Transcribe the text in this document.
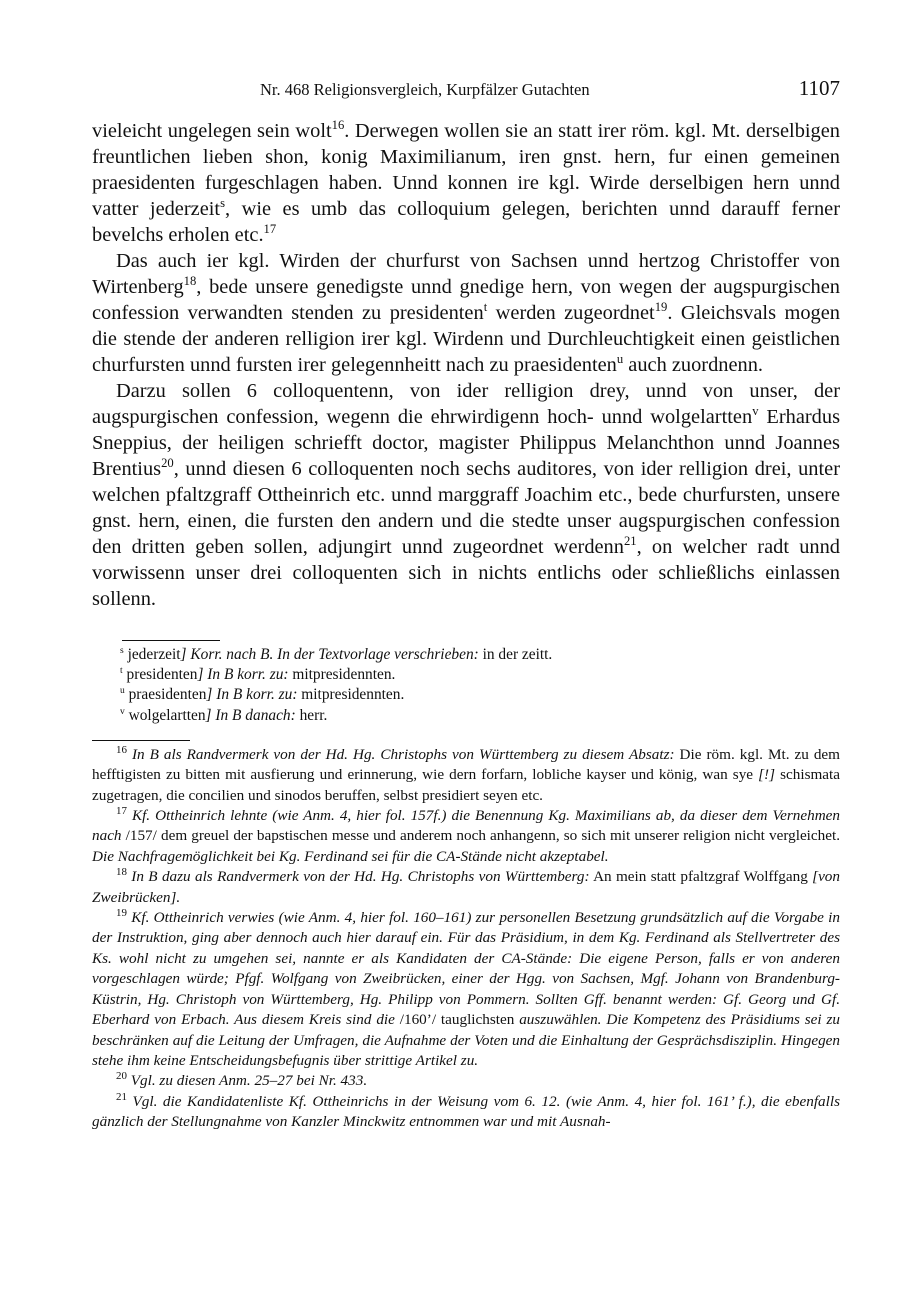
Nr. 468 Religionsvergleich, Kurpfälzer Gutachten	1107

vieleicht ungelegen sein wolt$^{16}$. Derwegen wollen sie an statt irer röm. kgl. Mt. derselbigen freuntlichen lieben shon, konig Maximilianum, iren gnst. hern, fur einen gemeinen praesidenten furgeschlagen haben. Unnd konnen ire kgl. Wirde derselbigen hern unnd vatter jederzeit$^s$, wie es umb das colloquium gelegen, berichten unnd darauff ferner bevelchs erholen etc.$^{17}$

Das auch ier kgl. Wirden der churfurst von Sachsen unnd hertzog Christoffer von Wirtenberg$^{18}$, bede unsere genedigste unnd gnedige hern, von wegen der augspurgischen confession verwandten stenden zu presidenten$^t$ werden zugeordnet$^{19}$. Gleichsvals mogen die stende der anderen relligion irer kgl. Wirdenn und Durchleuchtigkeit einen geistlichen churfursten unnd fursten irer gelegennheitt nach zu praesidenten$^u$ auch zuordnenn.

Darzu sollen 6 colloquentenn, von ider relligion drey, unnd von unser, der augspurgischen confession, wegenn die ehrwirdigenn hoch- unnd wolgelartten$^v$ Erhardus Sneppius, der heiligen schriefft doctor, magister Philippus Melanchthon unnd Joannes Brentius$^{20}$, unnd diesen 6 colloquenten noch sechs auditores, von ider relligion drei, unter welchen pfaltzgraff Ottheinrich etc. unnd marggraff Joachim etc., bede churfursten, unsere gnst. hern, einen, die fursten den andern und die stedte unser augspurgischen confession den dritten geben sollen, adjungirt unnd zugeordnet werdenn$^{21}$, on welcher radt unnd vorwissenn unser drei colloquenten sich in nichts entlichs oder schließlichs einlassen sollenn.

$^s$ jederzeit] Korr. nach B. In der Textvorlage verschrieben: in der zeitt.
$^t$ presidenten] In B korr. zu: mitpresidennten.
$^u$ praesidenten] In B korr. zu: mitpresidennten.
$^v$ wolgelartten] In B danach: herr.
$^{16}$ In B als Randvermerk von der Hd. Hg. Christophs von Württemberg zu diesem Absatz: Die röm. kgl. Mt. zu dem hefftigisten zu bitten mit ausfierung und erinnerung, wie dern forfarn, lobliche kayser und könig, wan sye [!] schismata zugetragen, die concilien und sinodos beruffen, selbst presidiert seyen etc.
$^{17}$ Kf. Ottheinrich lehnte (wie Anm. 4, hier fol. 157f.) die Benennung Kg. Maximilians ab, da dieser dem Vernehmen nach /157/ dem greuel der bapstischen messe und anderem noch anhangenn, so sich mit unserer religion nicht vergleichet. Die Nachfragemöglichkeit bei Kg. Ferdinand sei für die CA-Stände nicht akzeptabel.
$^{18}$ In B dazu als Randvermerk von der Hd. Hg. Christophs von Württemberg: An mein statt pfaltzgraf Wolffgang [von Zweibrücken].
$^{19}$ Kf. Ottheinrich verwies (wie Anm. 4, hier fol. 160–161) zur personellen Besetzung grundsätzlich auf die Vorgabe in der Instruktion, ging aber dennoch auch hier darauf ein. Für das Präsidium, in dem Kg. Ferdinand als Stellvertreter des Ks. wohl nicht zu umgehen sei, nannte er als Kandidaten der CA-Stände: Die eigene Person, falls er von anderen vorgeschlagen würde; Pfgf. Wolfgang von Zweibrücken, einer der Hgg. von Sachsen, Mgf. Johann von Brandenburg-Küstrin, Hg. Christoph von Württemberg, Hg. Philipp von Pommern. Sollten Gff. benannt werden: Gf. Georg und Gf. Eberhard von Erbach. Aus diesem Kreis sind die /160’/ tauglichsten auszuwählen. Die Kompetenz des Präsidiums sei zu beschränken auf die Leitung der Umfragen, die Aufnahme der Voten und die Einhaltung der Gesprächsdisziplin. Hingegen stehe ihm keine Entscheidungsbefugnis über strittige Artikel zu.
$^{20}$ Vgl. zu diesen Anm. 25–27 bei Nr. 433.
$^{21}$ Vgl. die Kandidatenliste Kf. Ottheinrichs in der Weisung vom 6. 12. (wie Anm. 4, hier fol. 161’ f.), die ebenfalls gänzlich der Stellungnahme von Kanzler Minckwitz entnommen war und mit Ausnah-
